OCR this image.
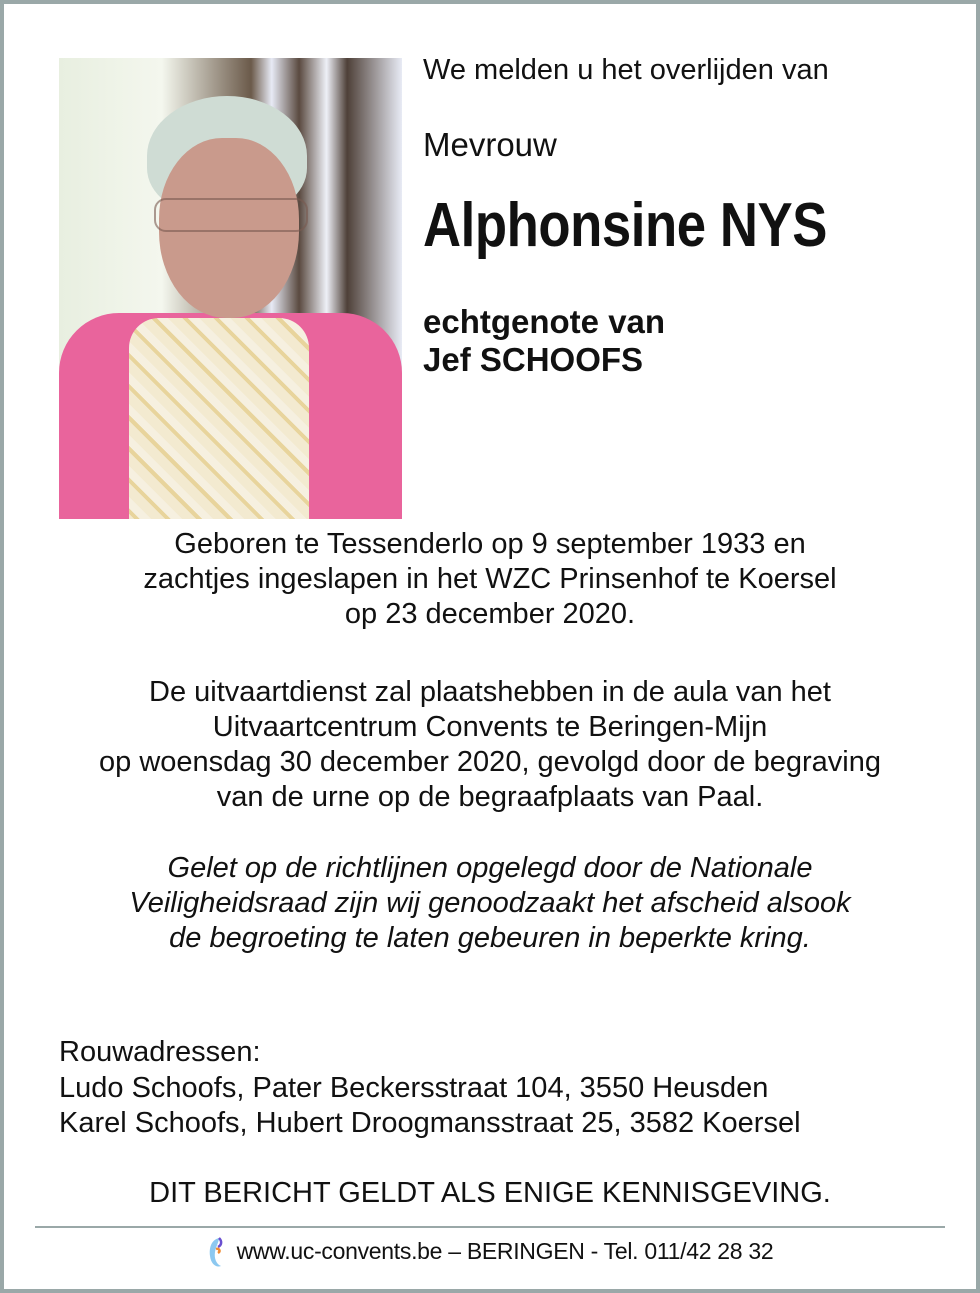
We melden u het overlijden van
Mevrouw
Alphonsine NYS
echtgenote van
Jef SCHOOFS
Geboren te Tessenderlo op 9 september 1933 en
zachtjes ingeslapen in het WZC Prinsenhof te Koersel
op 23 december 2020.
De uitvaartdienst zal plaatshebben in de aula van het
Uitvaartcentrum Convents te Beringen-Mijn
op woensdag 30 december 2020, gevolgd door de begraving
van de urne op de begraafplaats van Paal.
Gelet op de richtlijnen opgelegd door de Nationale
Veiligheidsraad zijn wij genoodzaakt het afscheid alsook
de begroeting te laten gebeuren in beperkte kring.
Rouwadressen:
Ludo Schoofs, Pater Beckersstraat 104, 3550 Heusden
Karel Schoofs, Hubert Droogmansstraat 25, 3582 Koersel
DIT BERICHT GELDT ALS ENIGE KENNISGEVING.
www.uc-convents.be – BERINGEN - Tel. 011/42 28 32
